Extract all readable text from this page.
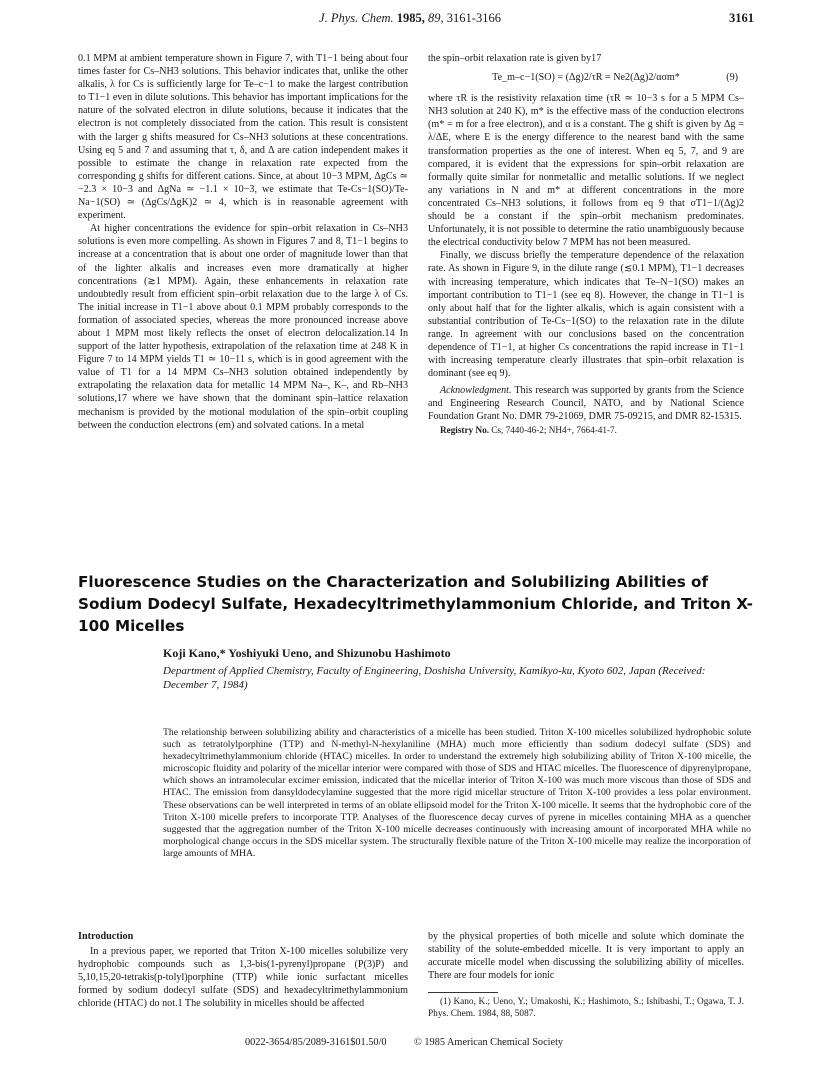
J. Phys. Chem. 1985, 89, 3161-3166	3161

0.1 MPM at ambient temperature shown in Figure 7, with T1−1 being about four times faster for Cs–NH3 solutions. This behavior indicates that, unlike the other alkalis, λ for Cs is sufficiently large for Te–c−1 to make the largest contribution to T1−1 even in dilute solutions. This behavior has important implications for the nature of the solvated electron in dilute solutions, because it indicates that the electron is not completely dissociated from the cation. This result is consistent with the larger g shifts measured for Cs–NH3 solutions at these concentrations. Using eq 5 and 7 and assuming that τ, δ, and Δ are cation independent makes it possible to estimate the change in relaxation rate expected from the corresponding g shifts for different cations. Since, at about 10−3 MPM, ΔgCs ≃ −2.3 × 10−3 and ΔgNa ≃ −1.1 × 10−3, we estimate that Te-Cs−1(SO)/Te-Na−1(SO) ≃ (ΔgCs/ΔgK)2 ≃ 4, which is in reasonable agreement with experiment.

At higher concentrations the evidence for spin–orbit relaxation in Cs–NH3 solutions is even more compelling. As shown in Figures 7 and 8, T1−1 begins to increase at a concentration that is about one order of magnitude lower than that of the lighter alkalis and increases even more dramatically at higher concentrations (≳1 MPM). Again, these enhancements in relaxation rate undoubtedly result from efficient spin–orbit relaxation due to the large λ of Cs. The initial increase in T1−1 above about 0.1 MPM probably corresponds to the formation of associated species, whereas the more pronounced increase above about 1 MPM most likely reflects the onset of electron delocalization.14 In support of the latter hypothesis, extrapolation of the relaxation time at 248 K in Figure 7 to 14 MPM yields T1 ≃ 10−11 s, which is in good agreement with the value of T1 for a 14 MPM Cs–NH3 solution obtained independently by extrapolating the relaxation data for metallic 14 MPM Na–, K–, and Rb–NH3 solutions,17 where we have shown that the dominant spin–lattice relaxation mechanism is provided by the motional modulation of the spin–orbit coupling between the conduction electrons (em) and solvated cations. In a metal

the spin–orbit relaxation rate is given by17

Te_m–c−1(SO) = (Δg)2/τR = Ne2(Δg)2/ασm*	(9)

where τR is the resistivity relaxation time (τR ≃ 10−3 s for a 5 MPM Cs–NH3 solution at 240 K), m* is the effective mass of the conduction electrons (m* = m for a free electron), and α is a constant. The g shift is given by Δg = λ/ΔE, where E is the energy difference to the nearest band with the same transformation properties as the one of interest. When eq 5, 7, and 9 are compared, it is evident that the expressions for spin–orbit relaxation are formally quite similar for nonmetallic and metallic solutions. If we neglect any variations in N and m* at different concentrations in the more concentrated Cs–NH3 solutions, it follows from eq 9 that σT1−1/(Δg)2 should be a constant if the spin–orbit mechanism predominates. Unfortunately, it is not possible to determine the ratio unambiguously because the electrical conductivity below 7 MPM has not been measured.

Finally, we discuss briefly the temperature dependence of the relaxation rate. As shown in Figure 9, in the dilute range (≲0.1 MPM), T1−1 decreases with increasing temperature, which indicates that Te–N−1(SO) makes an important contribution to T1−1 (see eq 8). However, the change in T1−1 is only about half that for the lighter alkalis, which is again consistent with a substantial contribution of Te-Cs−1(SO) to the relaxation rate in the dilute range. In agreement with our conclusions based on the concentration dependence of T1−1, at higher Cs concentrations the rapid increase in T1−1 with increasing temperature clearly illustrates that spin–orbit relaxation is dominant (see eq 9).

Acknowledgment. This research was supported by grants from the Science and Engineering Research Council, NATO, and by National Science Foundation Grant No. DMR 79-21069, DMR 75-09215, and DMR 82-15315.

Registry No. Cs, 7440-46-2; NH4+, 7664-41-7.

Fluorescence Studies on the Characterization and Solubilizing Abilities of Sodium Dodecyl Sulfate, Hexadecyltrimethylammonium Chloride, and Triton X-100 Micelles
Koji Kano,* Yoshiyuki Ueno, and Shizunobu Hashimoto
Department of Applied Chemistry, Faculty of Engineering, Doshisha University, Kamikyo-ku, Kyoto 602, Japan (Received: December 7, 1984)
The relationship between solubilizing ability and characteristics of a micelle has been studied. Triton X-100 micelles solubilized hydrophobic solute such as tetratolylporphine (TTP) and N-methyl-N-hexylaniline (MHA) much more efficiently than sodium dodecyl sulfate (SDS) and hexadecyltrimethylammonium chloride (HTAC) micelles. In order to understand the extremely high solubilizing ability of Triton X-100 micelle, the microscopic fluidity and polarity of the micellar interior were compared with those of SDS and HTAC micelles. The fluorescence of dipyrenylpropane, which shows an intramolecular excimer emission, indicated that the micellar interior of Triton X-100 was much more viscous than those of SDS and HTAC. The emission from dansyldodecylamine suggested that the more rigid micellar structure of Triton X-100 provides a less polar environment. These observations can be well interpreted in terms of an oblate ellipsoid model for the Triton X-100 micelle. It seems that the hydrophobic core of the Triton X-100 micelle prefers to incorporate TTP. Analyses of the fluorescence decay curves of pyrene in micelles containing MHA as a quencher suggested that the aggregation number of the Triton X-100 micelle decreases continuously with increasing amount of incorporated MHA while no morphological change occurs in the SDS micellar system. The structurally flexible nature of the Triton X-100 micelle may realize the incorporation of large amounts of MHA.
Introduction

In a previous paper, we reported that Triton X-100 micelles solubilize very hydrophobic compounds such as 1,3-bis(1-pyrenyl)propane (P(3)P) and 5,10,15,20-tetrakis(p-tolyl)porphine (TTP) while ionic surfactant micelles formed by sodium dodecyl sulfate (SDS) and hexadecyltrimethylammonium chloride (HTAC) do not.1 The solubility in micelles should be affected

by the physical properties of both micelle and solute which dominate the stability of the solute-embedded micelle. It is very important to apply an accurate micelle model when discussing the solubilizing ability of micelles. There are four models for ionic

(1) Kano, K.; Ueno, Y.; Umakoshi, K.; Hashimoto, S.; Ishibashi, T.; Ogawa, T. J. Phys. Chem. 1984, 88, 5087.

0022-3654/85/2089-3161$01.50/0	© 1985 American Chemical Society
